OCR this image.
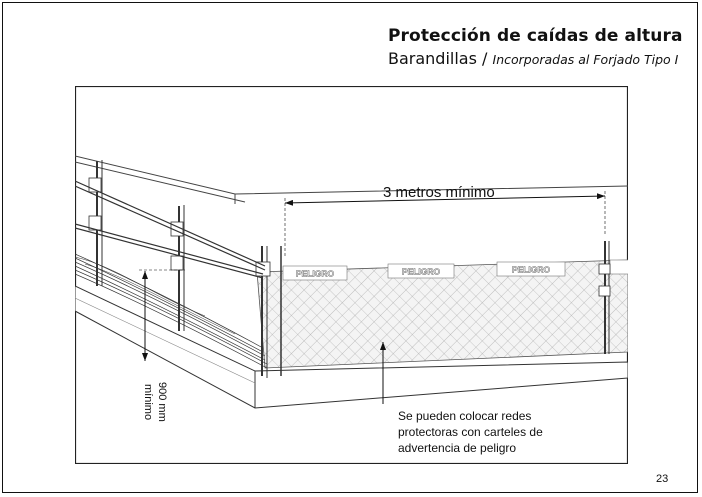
Protección de caídas de altura
Barandillas / Incorporadas al Forjado Tipo I
PELIGRO	PELIGRO	PELIGRO
3 metros mínimo
900 mm
mínimo	Se pueden colocar redes
protectoras con carteles de
advertencia de peligro
23
